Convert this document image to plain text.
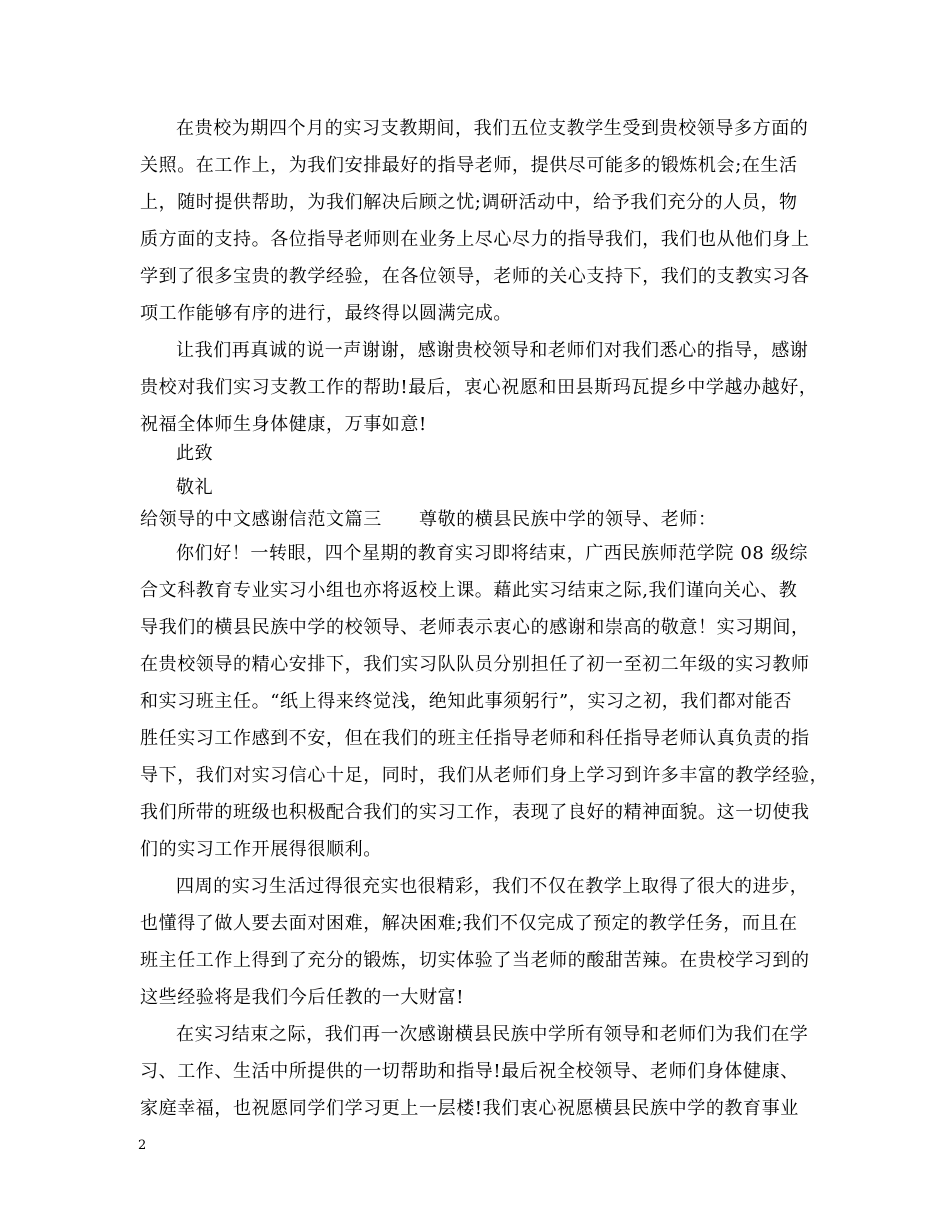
在贵校为期四个月的实习支教期间，我们五位支教学生受到贵校领导多方面的
关照。在工作上，为我们安排最好的指导老师，提供尽可能多的锻炼机会;在生活
上，随时提供帮助，为我们解决后顾之忧;调研活动中，给予我们充分的人员，物
质方面的支持。各位指导老师则在业务上尽心尽力的指导我们，我们也从他们身上
学到了很多宝贵的教学经验，在各位领导，老师的关心支持下，我们的支教实习各
项工作能够有序的进行，最终得以圆满完成。
让我们再真诚的说一声谢谢，感谢贵校领导和老师们对我们悉心的指导，感谢
贵校对我们实习支教工作的帮助!最后，衷心祝愿和田县斯玛瓦提乡中学越办越好，
祝福全体师生身体健康，万事如意!
此致
敬礼
给领导的中文感谢信范文篇三　　尊敬的横县民族中学的领导、老师：
你们好！一转眼，四个星期的教育实习即将结束，广西民族师范学院 08 级综
合文科教育专业实习小组也亦将返校上课。藉此实习结束之际,我们谨向关心、教
导我们的横县民族中学的校领导、老师表示衷心的感谢和崇高的敬意！实习期间，
在贵校领导的精心安排下，我们实习队队员分别担任了初一至初二年级的实习教师
和实习班主任。“纸上得来终觉浅，绝知此事须躬行”，实习之初，我们都对能否
胜任实习工作感到不安，但在我们的班主任指导老师和科任指导老师认真负责的指
导下，我们对实习信心十足，同时，我们从老师们身上学习到许多丰富的教学经验，
我们所带的班级也积极配合我们的实习工作，表现了良好的精神面貌。这一切使我
们的实习工作开展得很顺利。
四周的实习生活过得很充实也很精彩，我们不仅在教学上取得了很大的进步，
也懂得了做人要去面对困难，解决困难;我们不仅完成了预定的教学任务，而且在
班主任工作上得到了充分的锻炼，切实体验了当老师的酸甜苦辣。在贵校学习到的
这些经验将是我们今后任教的一大财富!
在实习结束之际，我们再一次感谢横县民族中学所有领导和老师们为我们在学
习、工作、生活中所提供的一切帮助和指导!最后祝全校领导、老师们身体健康、
家庭幸福，也祝愿同学们学习更上一层楼!我们衷心祝愿横县民族中学的教育事业
2
